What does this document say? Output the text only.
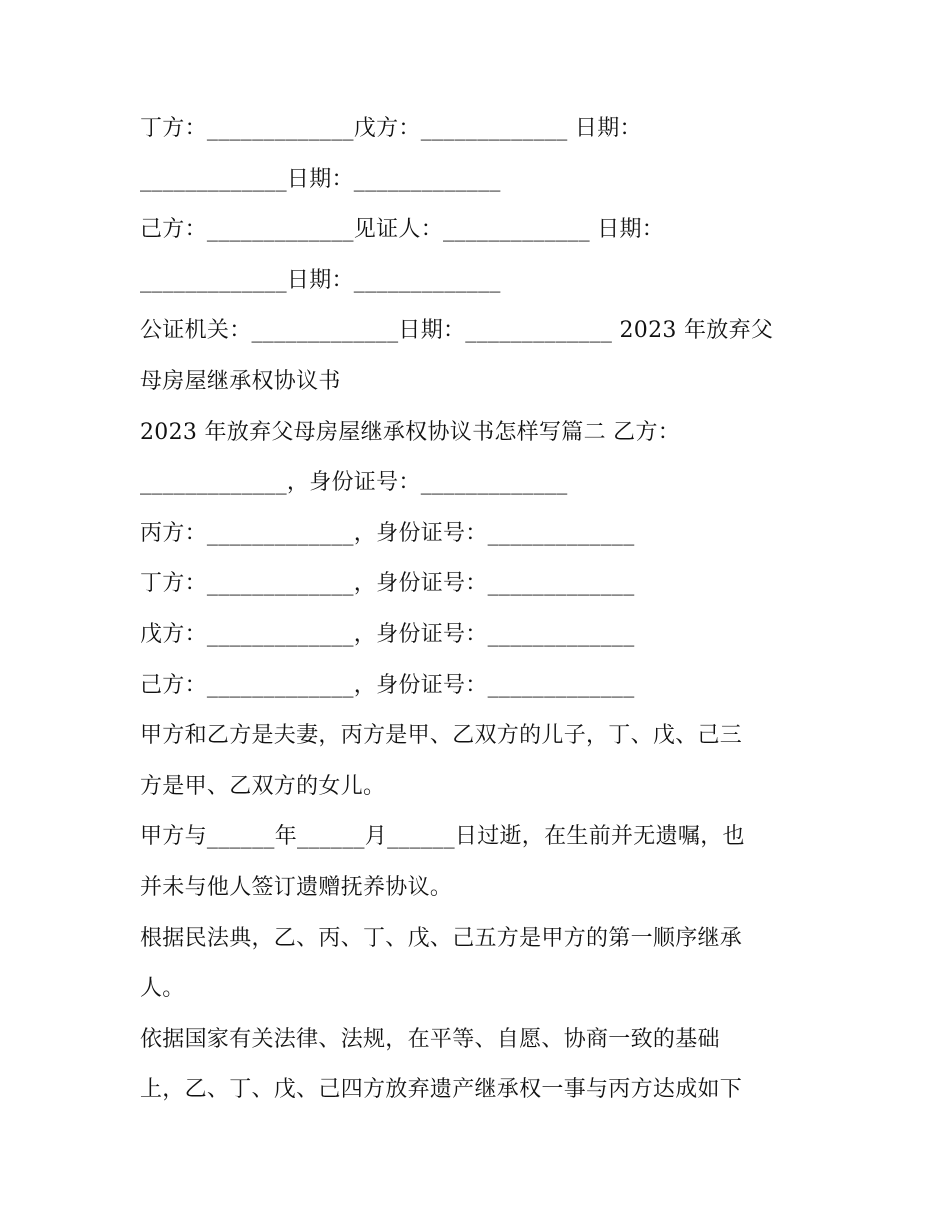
丁方：_____________戊方：_____________ 日期：
_____________日期：_____________
己方：_____________见证人：_____________ 日期：
_____________日期：_____________
公证机关：_____________日期：_____________ 2023 年放弃父
母房屋继承权协议书
2023 年放弃父母房屋继承权协议书怎样写篇二 乙方：
_____________，身份证号：_____________
丙方：_____________，身份证号：_____________
丁方：_____________，身份证号：_____________
戊方：_____________，身份证号：_____________
己方：_____________，身份证号：_____________
甲方和乙方是夫妻，丙方是甲、乙双方的儿子，丁、戊、己三
方是甲、乙双方的女儿。
甲方与______年______月______日过逝，在生前并无遗嘱，也
并未与他人签订遗赠抚养协议。
根据民法典，乙、丙、丁、戊、己五方是甲方的第一顺序继承
人。
依据国家有关法律、法规，在平等、自愿、协商一致的基础
上，乙、丁、戊、己四方放弃遗产继承权一事与丙方达成如下
